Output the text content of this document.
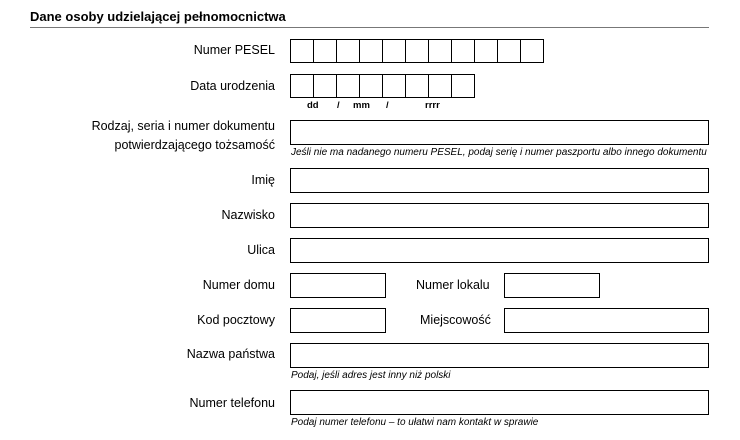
Dane osoby udzielającej pełnomocnictwa
Numer PESEL
Data urodzenia
dd / mm /	rrrr
Rodzaj, seria i numer dokumentu
potwierdzającego tożsamość
Jeśli nie ma nadanego numeru PESEL, podaj serię i numer paszportu albo innego dokumentu
Imię
Nazwisko
Ulica
Numer domu	Numer lokalu
Kod pocztowy	Miejscowość
Nazwa państwa
Podaj, jeśli adres jest inny niż polski
Numer telefonu
Podaj numer telefonu – to ułatwi nam kontakt w sprawie
